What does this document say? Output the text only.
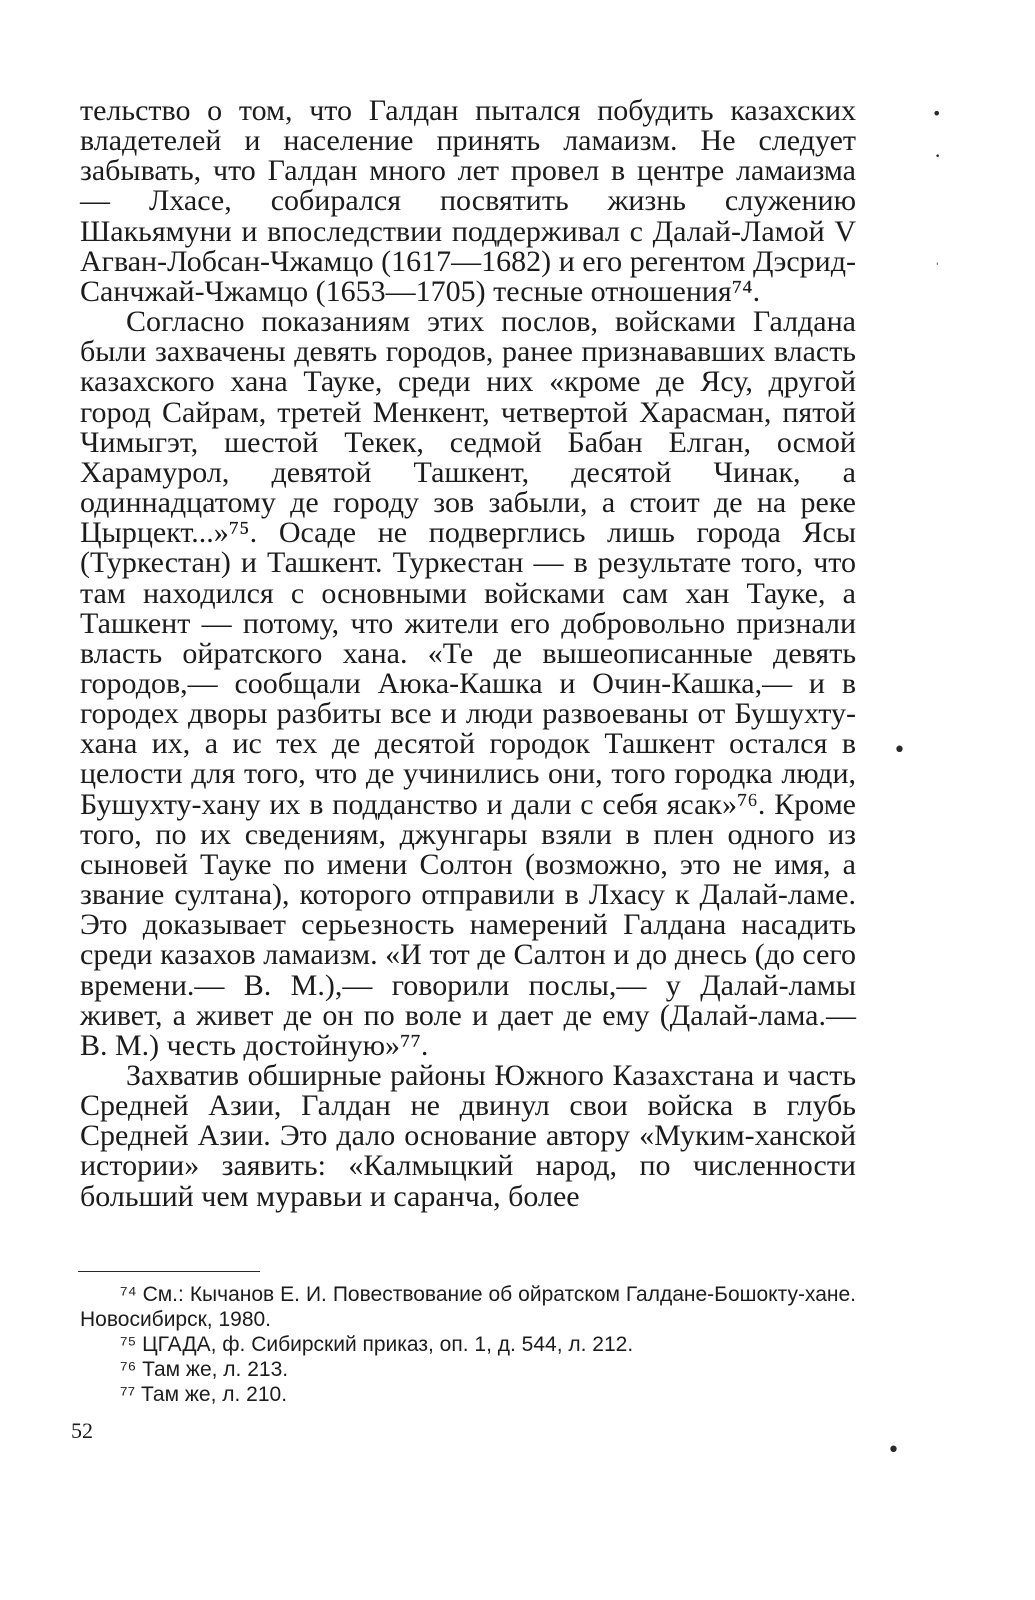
тельство о том, что Галдан пытался побудить казахских владетелей и население принять ламаизм. Не следует забывать, что Галдан много лет провел в центре ламаизма — Лхасе, собирался посвятить жизнь служению Шакьямуни и впоследствии поддерживал с Далай-Ламой V Агван-Лобсан-Чжамцо (1617—1682) и его регентом Дэсрид-Санчжай-Чжамцо (1653—1705) тесные отношения⁷⁴.

Согласно показаниям этих послов, войсками Галдана были захвачены девять городов, ранее признававших власть казахского хана Тауке, среди них «кроме де Ясу, другой город Сайрам, третей Менкент, четвертой Харасман, пятой Чимыгэт, шестой Текек, седмой Бабан Елган, осмой Харамурол, девятой Ташкент, десятой Чинак, а одиннадцатому де городу зов забыли, а стоит де на реке Цырцект...»⁷⁵. Осаде не подверглись лишь города Ясы (Туркестан) и Ташкент. Туркестан — в результате того, что там находился с основными войсками сам хан Тауке, а Ташкент — потому, что жители его добровольно признали власть ойратского хана. «Те де вышеописанные девять городов,— сообщали Аюка-Кашка и Очин-Кашка,— и в городех дворы разбиты все и люди развоеваны от Бушухту-хана их, а ис тех де десятой городок Ташкент остался в целости для того, что де учинились они, того городка люди, Бушухту-хану их в подданство и дали с себя ясак»⁷⁶. Кроме того, по их сведениям, джунгары взяли в плен одного из сыновей Тауке по имени Солтон (возможно, это не имя, а звание султана), которого отправили в Лхасу к Далай-ламе. Это доказывает серьезность намерений Галдана насадить среди казахов ламаизм. «И тот де Салтон и до днесь (до сего времени.— В. М.),— говорили послы,— у Далай-ламы живет, а живет де он по воле и дает де ему (Далай-лама.— В. М.) честь достойную»⁷⁷.

Захватив обширные районы Южного Казахстана и часть Средней Азии, Галдан не двинул свои войска в глубь Средней Азии. Это дало основание автору «Муким-ханской истории» заявить: «Калмыцкий народ, по численности больший чем муравьи и саранча, более

⁷⁴ См.: Кычанов Е. И. Повествование об ойратском Галдане-Бошокту-хане. Новосибирск, 1980.

⁷⁵ ЦГАДА, ф. Сибирский приказ, оп. 1, д. 544, л. 212.

⁷⁶ Там же, л. 213.

⁷⁷ Там же, л. 210.

52
•
•
'
•
•
